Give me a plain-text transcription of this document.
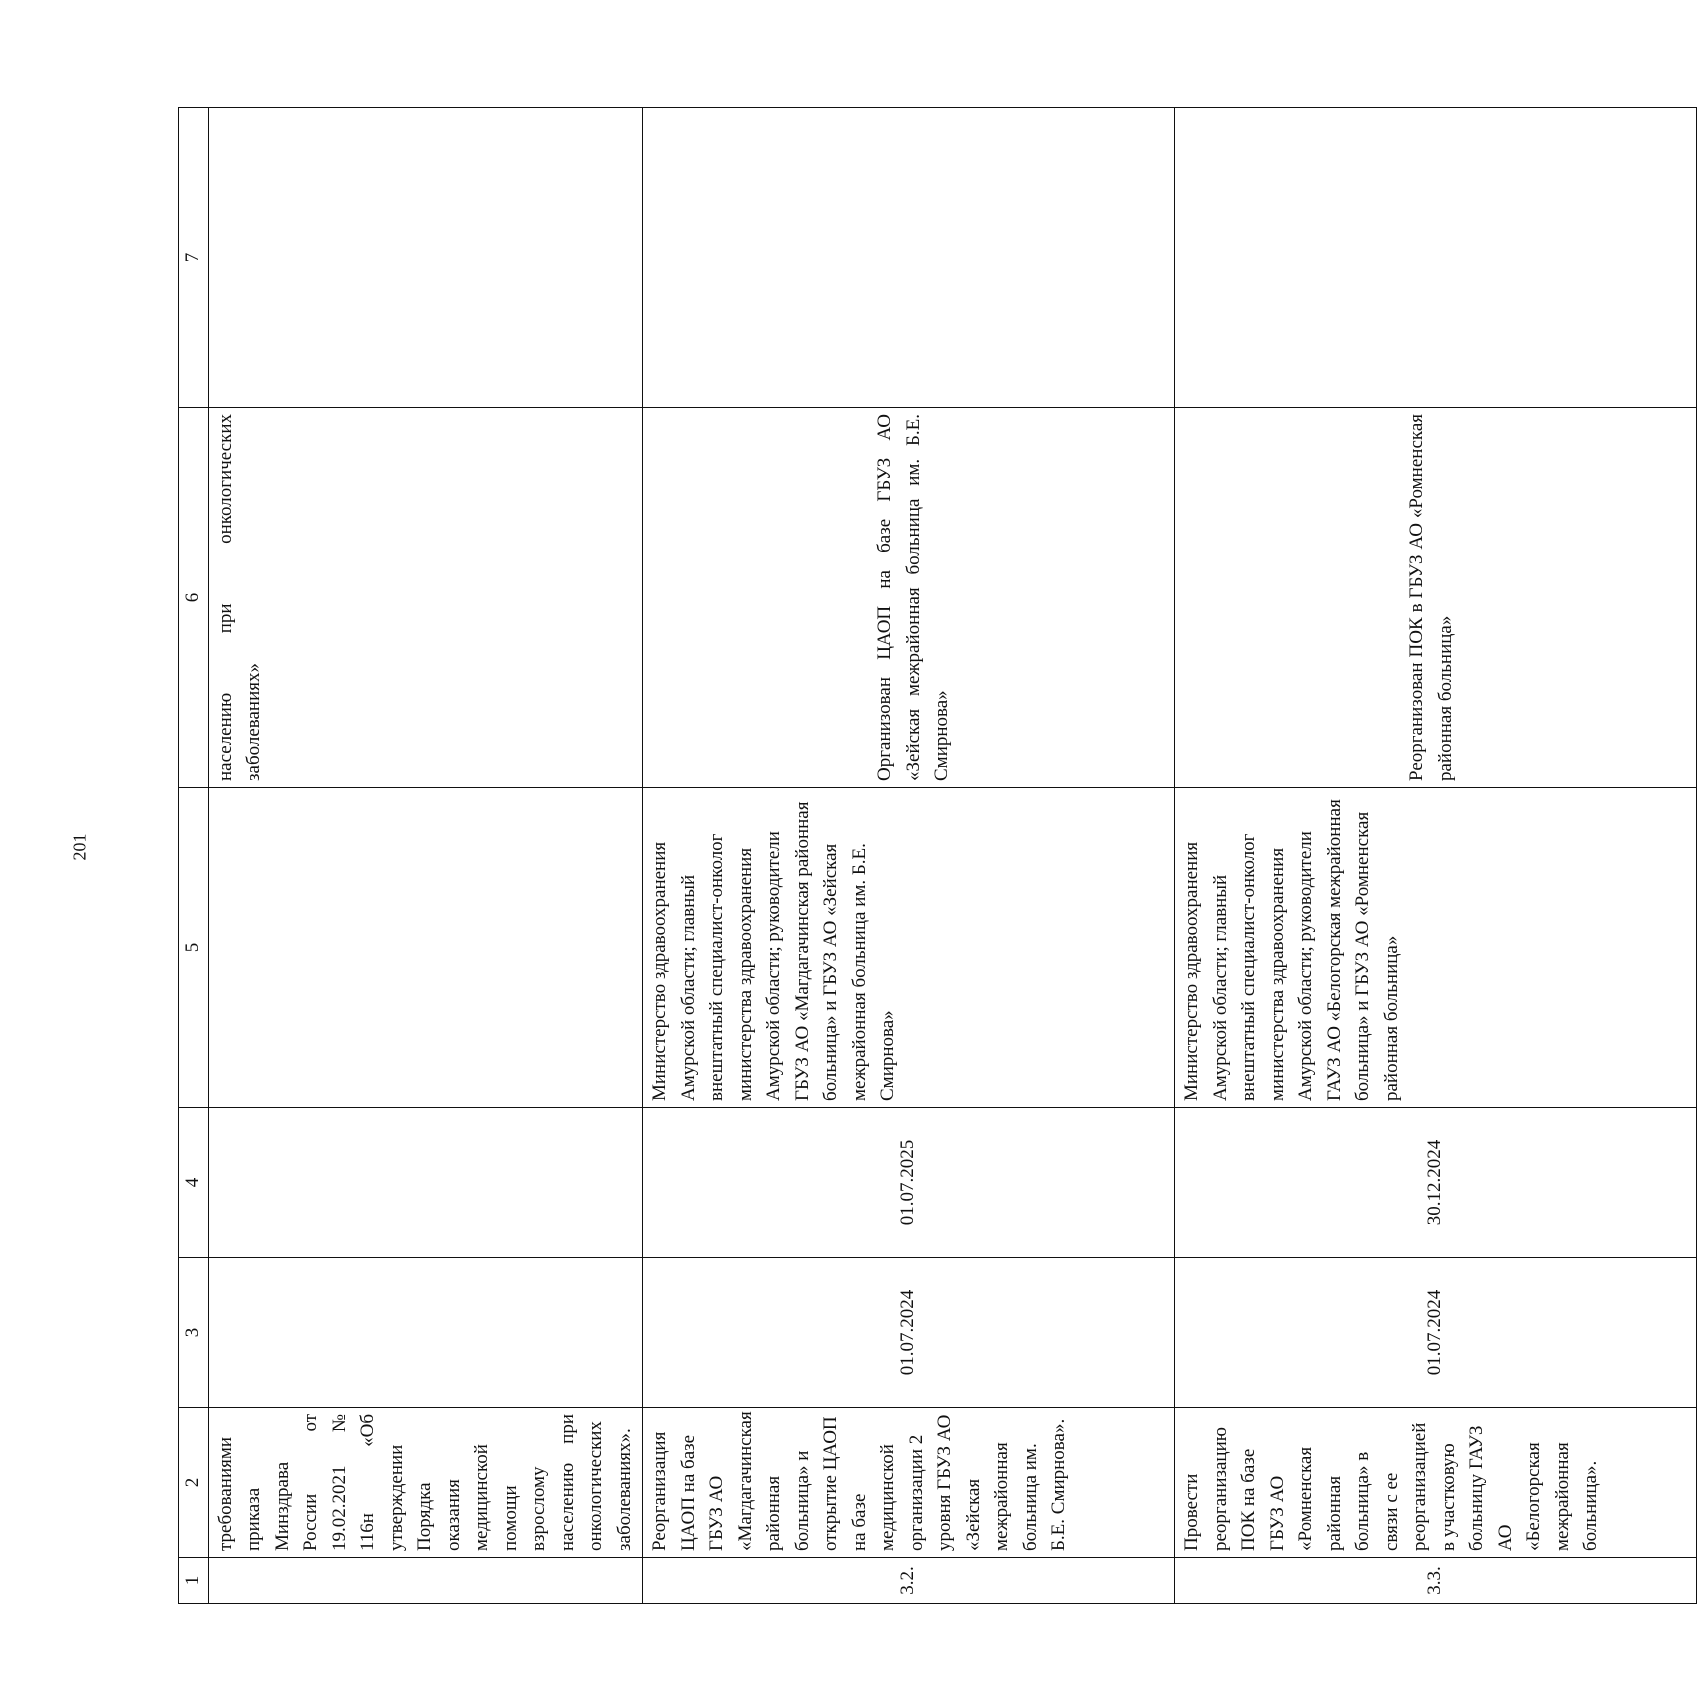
201
1	2	3	4	5	6	7
	требованиями приказа Минздрава России от 19.02.2021 № 116н «Об утверждении Порядка оказания медицинской помощи взрослому населению при онкологических заболеваниях».				населению при онкологических заболеваниях»	
3.2.	Реорганизация ЦАОП на базе ГБУЗ АО «Магдагачинская районная больница» и открытие ЦАОП на базе медицинской организации 2 уровня ГБУЗ АО «Зейская межрайонная больница им. Б.Е. Смирнова».	01.07.2024	01.07.2025	Министерство здравоохранения Амурской области; главный внештатный специалист-онколог министерства здравоохранения Амурской области; руководители ГБУЗ АО «Магдагачинская районная больница» и ГБУЗ АО «Зейская межрайонная больница им. Б.Е. Смирнова»	Организован ЦАОП на базе ГБУЗ АО «Зейская межрайонная больница им. Б.Е. Смирнова»	
3.3.	Провести реорганизацию ПОК на базе ГБУЗ АО «Ромненская районная больница» в связи с ее реорганизацией в участковую больницу ГАУЗ АО «Белогорская межрайонная больница».	01.07.2024	30.12.2024	Министерство здравоохранения Амурской области; главный внештатный специалист-онколог министерства здравоохранения Амурской области; руководители ГАУЗ АО «Белогорская межрайонная больница» и ГБУЗ АО «Ромненская районная больница»	Реорганизован ПОК в ГБУЗ АО «Ромненская районная больница»	
